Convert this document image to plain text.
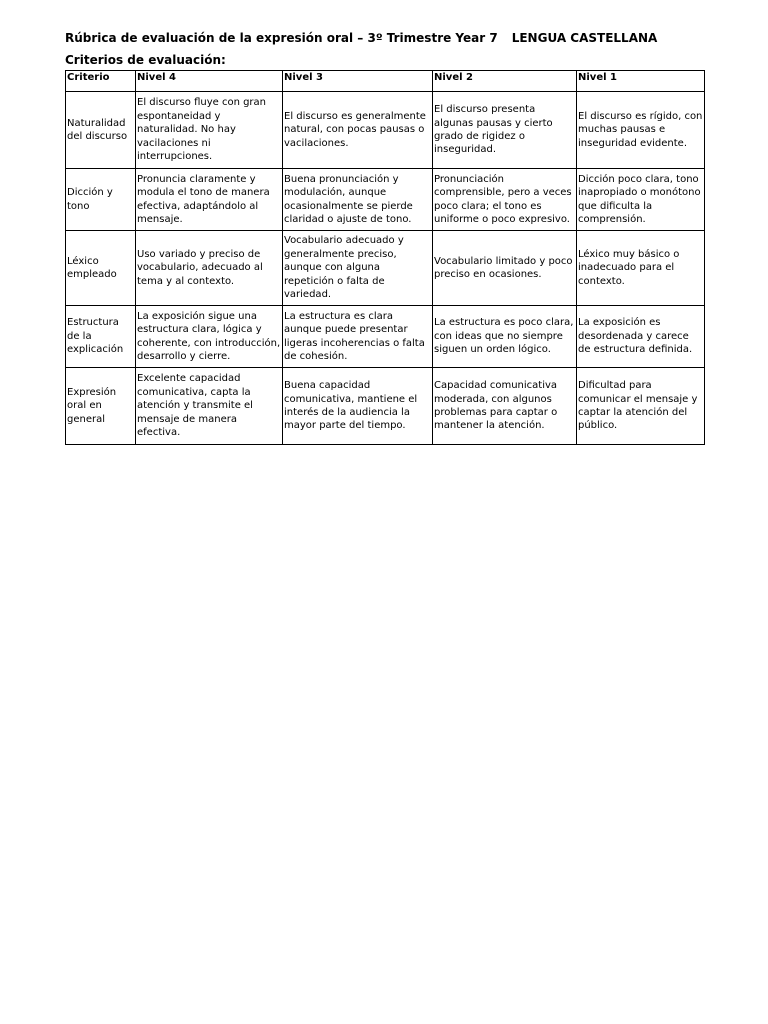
Rúbrica de evaluación de la expresión oral – 3º Trimestre Year 7 LENGUA CASTELLANA
Criterios de evaluación:
Criterio	Nivel 4	Nivel 3	Nivel 2	Nivel 1
Naturalidad del discurso	El discurso fluye con gran espontaneidad y naturalidad. No hay vacilaciones ni interrupciones.	El discurso es generalmente natural, con pocas pausas o vacilaciones.	El discurso presenta algunas pausas y cierto grado de rigidez o inseguridad.	El discurso es rígido, con muchas pausas e inseguridad evidente.
Dicción y tono	Pronuncia claramente y modula el tono de manera efectiva, adaptándolo al mensaje.	Buena pronunciación y modulación, aunque ocasionalmente se pierde claridad o ajuste de tono.	Pronunciación comprensible, pero a veces poco clara; el tono es uniforme o poco expresivo.	Dicción poco clara, tono inapropiado o monótono que dificulta la comprensión.
Léxico empleado	Uso variado y preciso de vocabulario, adecuado al tema y al contexto.	Vocabulario adecuado y generalmente preciso, aunque con alguna repetición o falta de variedad.	Vocabulario limitado y poco preciso en ocasiones.	Léxico muy básico o inadecuado para el contexto.
Estructura de la explicación	La exposición sigue una estructura clara, lógica y coherente, con introducción, desarrollo y cierre.	La estructura es clara aunque puede presentar ligeras incoherencias o falta de cohesión.	La estructura es poco clara, con ideas que no siempre siguen un orden lógico.	La exposición es desordenada y carece de estructura definida.
Expresión oral en general	Excelente capacidad comunicativa, capta la atención y transmite el mensaje de manera efectiva.	Buena capacidad comunicativa, mantiene el interés de la audiencia la mayor parte del tiempo.	Capacidad comunicativa moderada, con algunos problemas para captar o mantener la atención.	Dificultad para comunicar el mensaje y captar la atención del público.
